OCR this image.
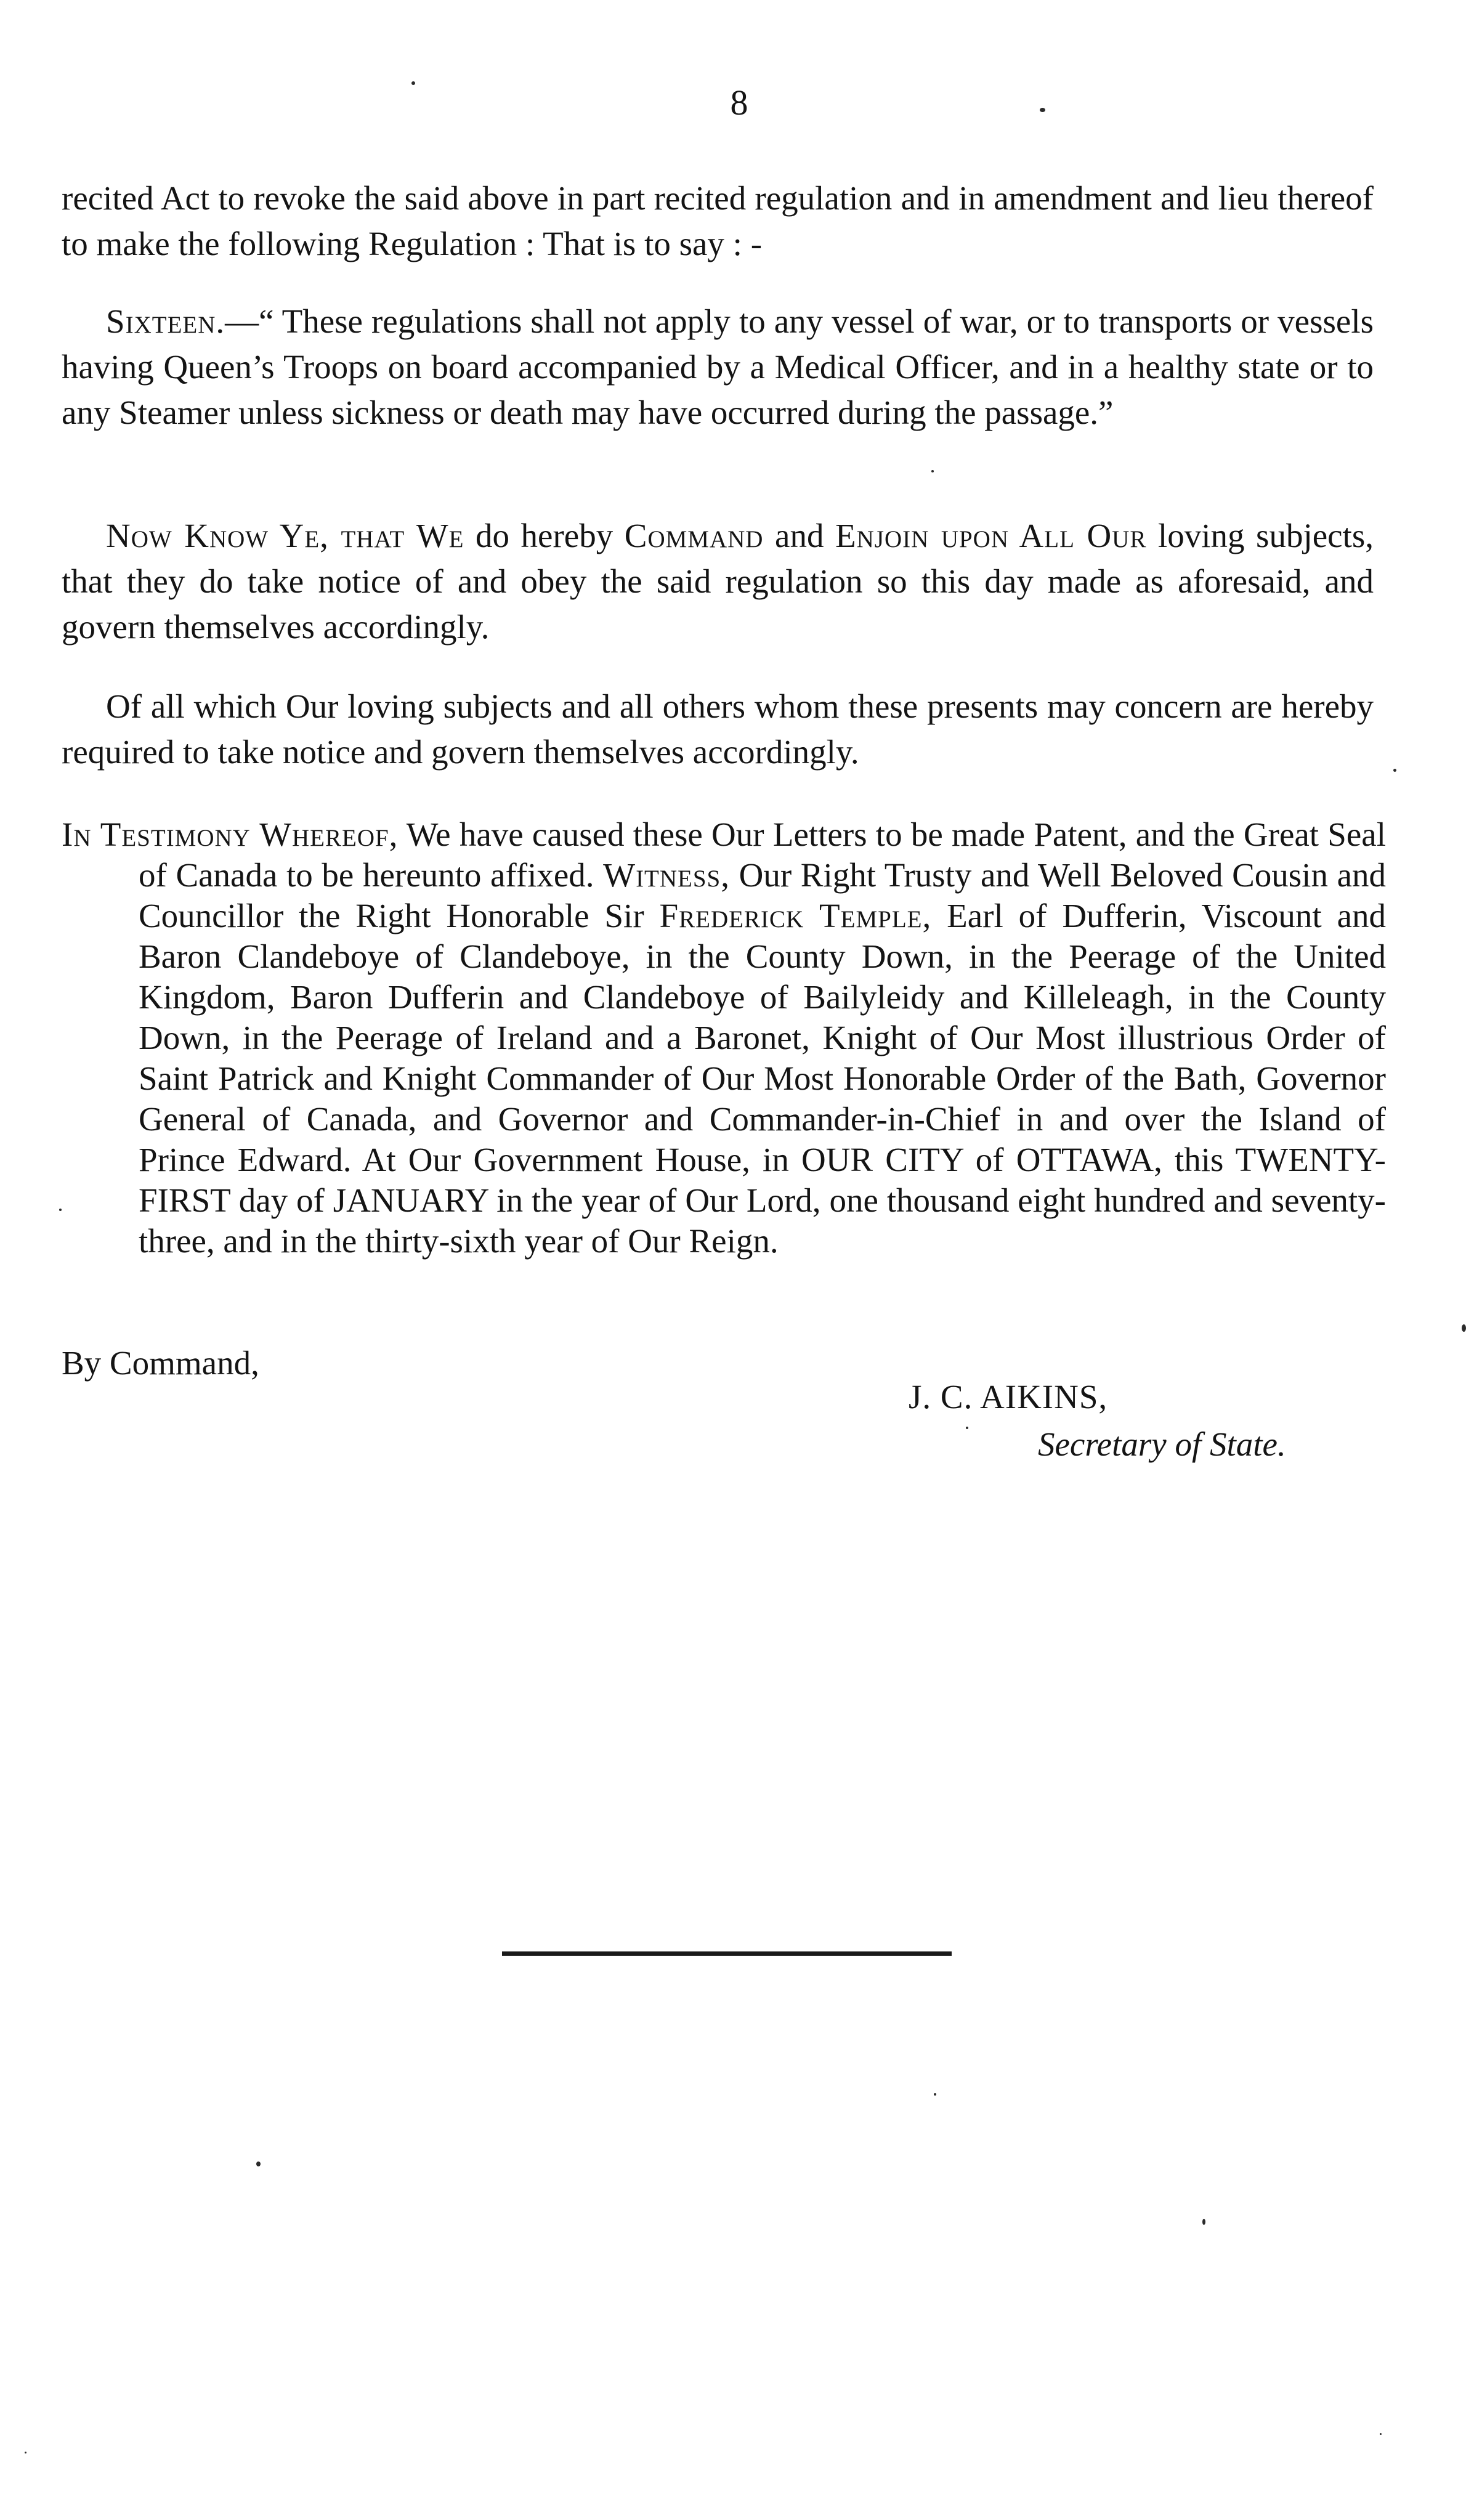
8

recited Act to revoke the said above in part recited regulation and in amendment and lieu thereof to make the following Regulation : That is to say : -

Sixteen.—“ These regulations shall not apply to any vessel of war, or to transports or vessels having Queen’s Troops on board accompanied by a Medical Officer, and in a healthy state or to any Steamer unless sickness or death may have occurred during the passage.”

Now Know Ye, that We do hereby Command and Enjoin upon All Our loving subjects, that they do take notice of and obey the said regulation so this day made as aforesaid, and govern themselves accordingly.

Of all which Our loving subjects and all others whom these presents may concern are hereby required to take notice and govern themselves accordingly.

In Testimony Whereof, We have caused these Our Letters to be made Patent, and the Great Seal of Canada to be hereunto affixed. Witness, Our Right Trusty and Well Beloved Cousin and Councillor the Right Honorable Sir Frederick Temple, Earl of Dufferin, Viscount and Baron Clandeboye of Clandeboye, in the County Down, in the Peerage of the United Kingdom, Baron Dufferin and Clandeboye of Bailyleidy and Killeleagh, in the County Down, in the Peerage of Ireland and a Baronet, Knight of Our Most illustrious Order of Saint Patrick and Knight Commander of Our Most Honorable Order of the Bath, Governor General of Canada, and Governor and Commander-in-Chief in and over the Island of Prince Edward. At Our Government House, in OUR CITY of OTTAWA, this TWENTY-FIRST day of JANUARY in the year of Our Lord, one thousand eight hundred and seventy-three, and in the thirty-sixth year of Our Reign.

By Command,

J. C. AIKINS,

Secretary of State.
